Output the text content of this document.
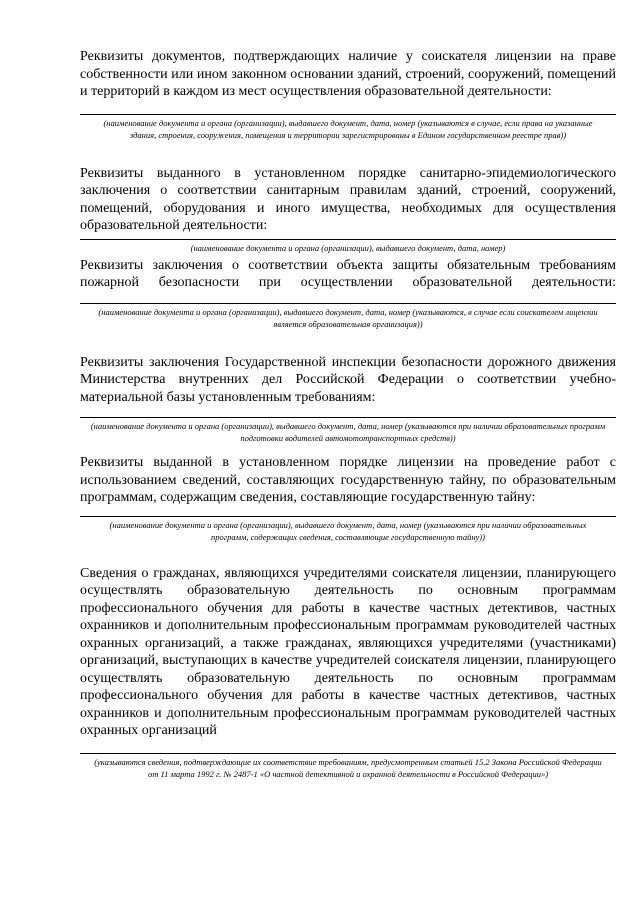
Реквизиты документов, подтверждающих наличие у соискателя лицензии на праве собственности или ином законном основании зданий, строений, сооружений, помещений и территорий в каждом из мест осуществления образовательной деятельности:

(наименование документа и органа (организации), выдавшего документ, дата, номер (указываются в случае, если права на указанные здания, строения, сооружения, помещения и территории зарегистрированы в Едином государственном реестре прав))

Реквизиты выданного в установленном порядке санитарно-эпидемиологического заключения о соответствии санитарным правилам зданий, строений, сооружений, помещений, оборудования и иного имущества, необходимых для осуществления образовательной деятельности:

(наименование документа и органа (организации), выдавшего документ, дата, номер)

Реквизиты заключения о соответствии объекта защиты обязательным требованиям пожарной безопасности при осуществлении образовательной деятельности:

(наименование документа и органа (организации), выдавшего документ, дата, номер (указываются, в случае если соискателем лицензии является образовательная организация))

Реквизиты заключения Государственной инспекции безопасности дорожного движения Министерства внутренних дел Российской Федерации о соответствии учебно-материальной базы установленным требованиям:

(наименование документа и органа (организации), выдавшего документ, дата, номер (указываются при наличии образовательных программ подготовки водителей автомототранспортных средств))

Реквизиты выданной в установленном порядке лицензии на проведение работ с использованием сведений, составляющих государственную тайну, по образовательным программам, содержащим сведения, составляющие государственную тайну:

(наименование документа и органа (организации), выдавшего документ, дата, номер (указываются при наличии образовательных программ, содержащих сведения, составляющие государственную тайну))

Сведения о гражданах, являющихся учредителями соискателя лицензии, планирующего осуществлять образовательную деятельность по основным программам профессионального обучения для работы в качестве частных детективов, частных охранников и дополнительным профессиональным программам руководителей частных охранных организаций, а также гражданах, являющихся учредителями (участниками) организаций, выступающих в качестве учредителей соискателя лицензии, планирующего осуществлять образовательную деятельность по основным программам профессионального обучения для работы в качестве частных детективов, частных охранников и дополнительным профессиональным программам руководителей частных охранных организаций

(указываются сведения, подтверждающие их соответствие требованиям, предусмотренным статьей 15.2 Закона Российской Федерации от 11 марта 1992 г. № 2487-1 «О частной детективной и охранной деятельности в Российской Федерации»)
